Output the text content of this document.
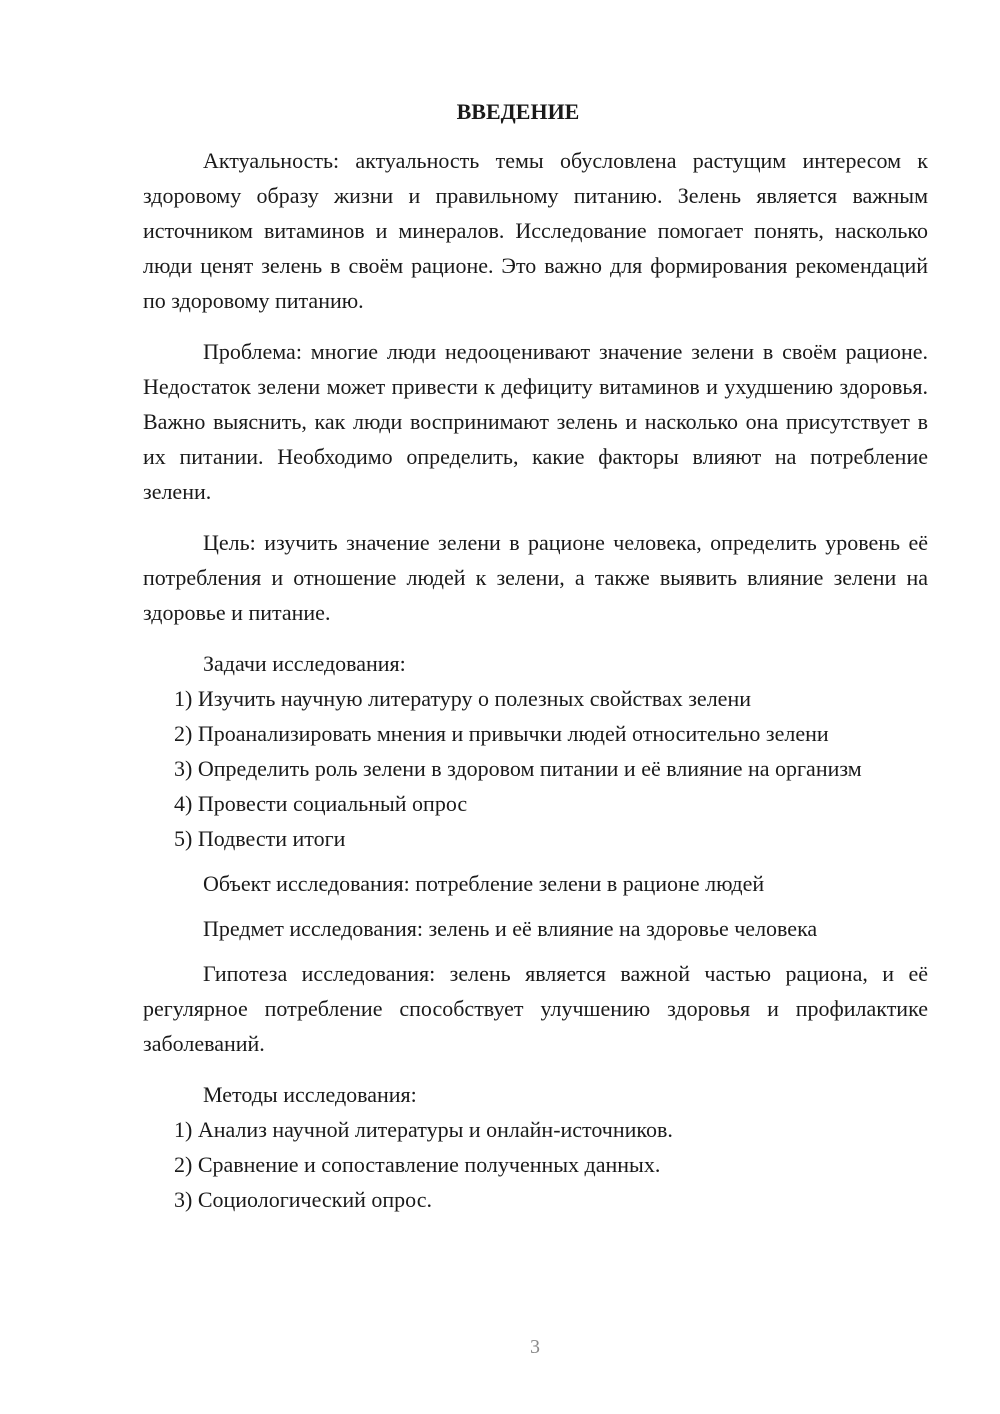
ВВЕДЕНИЕ

Актуальность: актуальность темы обусловлена растущим интересом к здоровому образу жизни и правильному питанию. Зелень является важным источником витаминов и минералов. Исследование помогает понять, насколько люди ценят зелень в своём рационе. Это важно для формирования рекомендаций по здоровому питанию.

Проблема: многие люди недооценивают значение зелени в своём рационе. Недостаток зелени может привести к дефициту витаминов и ухудшению здоровья. Важно выяснить, как люди воспринимают зелень и насколько она присутствует в их питании. Необходимо определить, какие факторы влияют на потребление зелени.

Цель: изучить значение зелени в рационе человека, определить уровень её потребления и отношение людей к зелени, а также выявить влияние зелени на здоровье и питание.

Задачи исследования:

1) Изучить научную литературу о полезных свойствах зелени

2) Проанализировать мнения и привычки людей относительно зелени

3) Определить роль зелени в здоровом питании и её влияние на организм

4) Провести социальный опрос

5) Подвести итоги

Объект исследования: потребление зелени в рационе людей

Предмет исследования: зелень и её влияние на здоровье человека

Гипотеза исследования: зелень является важной частью рациона, и её регулярное потребление способствует улучшению здоровья и профилактике заболеваний.

Методы исследования:

1) Анализ научной литературы и онлайн-источников.

2) Сравнение и сопоставление полученных данных.

3) Социологический опрос.

3
